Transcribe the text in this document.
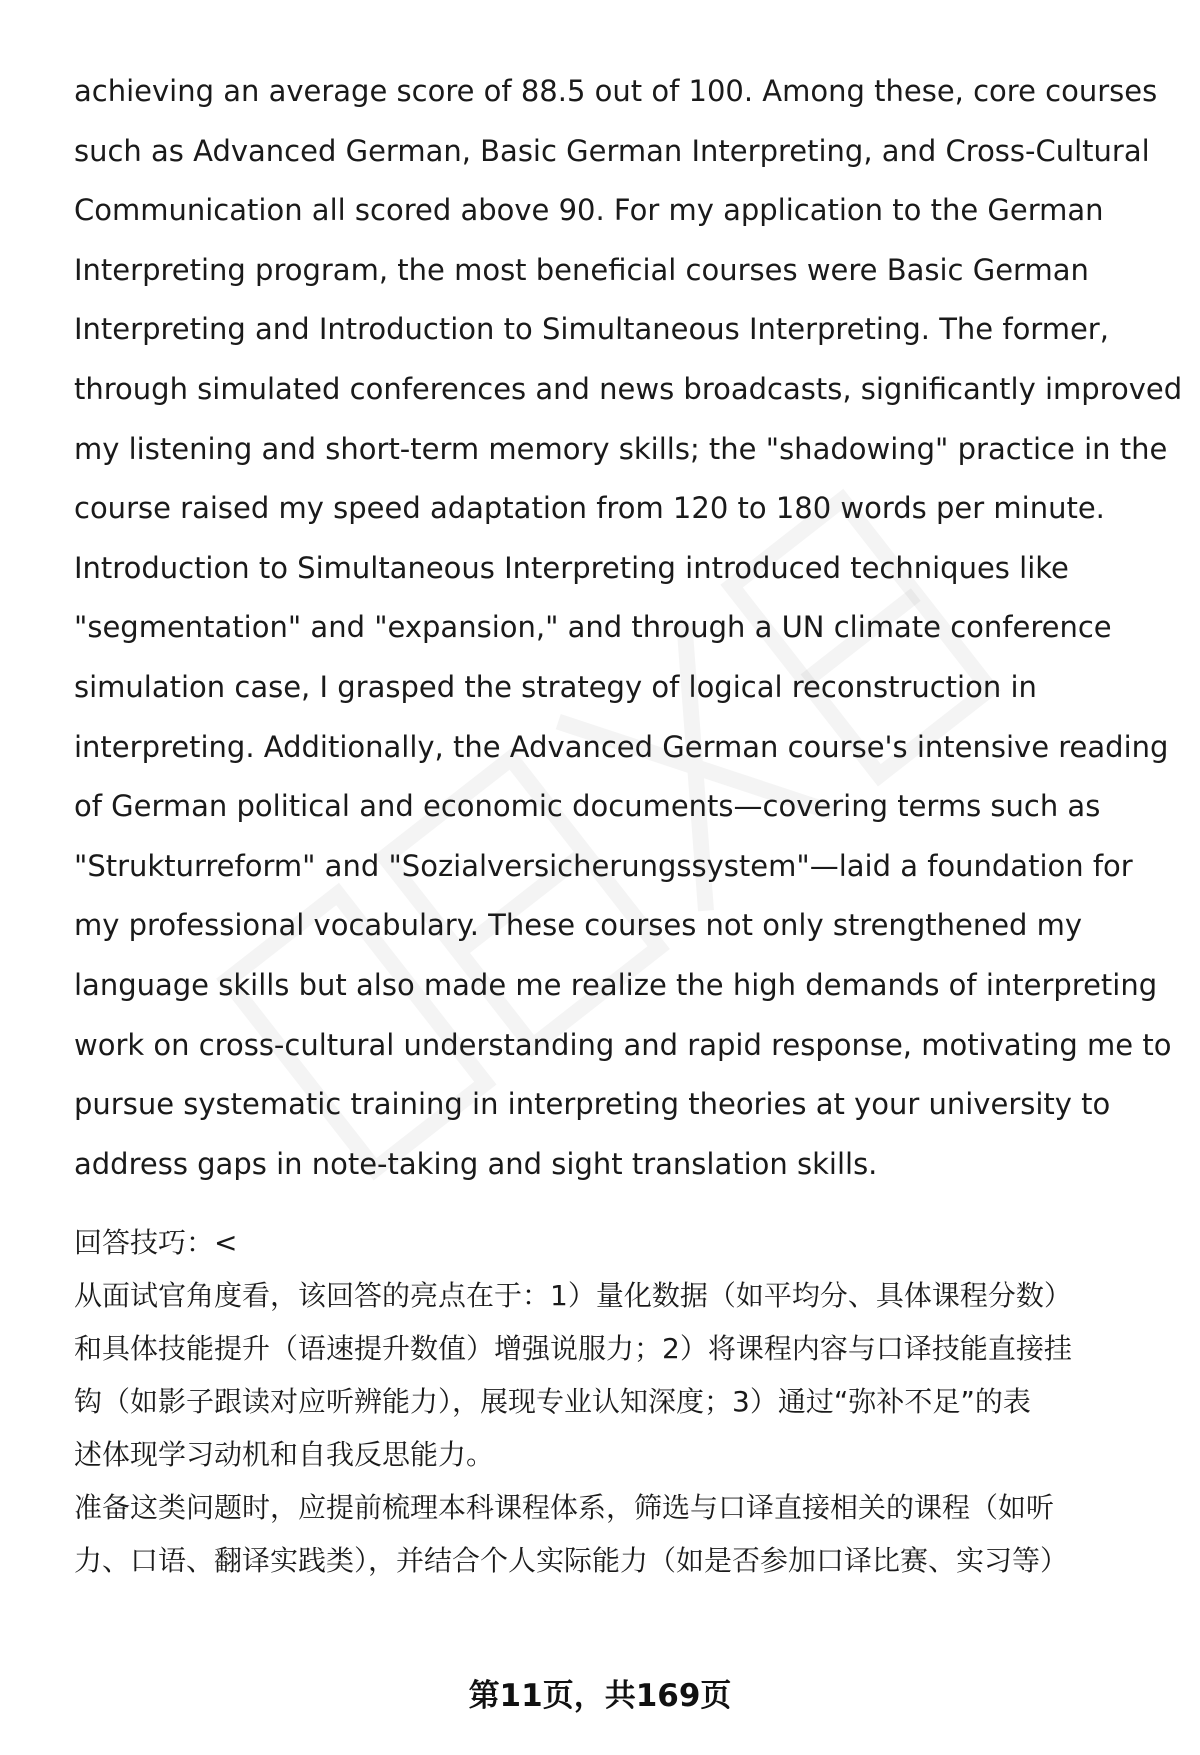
achieving an average score of 88.5 out of 100. Among these, core courses
such as Advanced German, Basic German Interpreting, and Cross-Cultural
Communication all scored above 90. For my application to the German
Interpreting program, the most beneficial courses were Basic German
Interpreting and Introduction to Simultaneous Interpreting. The former,
through simulated conferences and news broadcasts, significantly improved
my listening and short-term memory skills; the "shadowing" practice in the
course raised my speed adaptation from 120 to 180 words per minute.
Introduction to Simultaneous Interpreting introduced techniques like
"segmentation" and "expansion," and through a UN climate conference
simulation case, I grasped the strategy of logical reconstruction in
interpreting. Additionally, the Advanced German course's intensive reading
of German political and economic documents—covering terms such as
"Strukturreform" and "Sozialversicherungssystem"—laid a foundation for
my professional vocabulary. These courses not only strengthened my
language skills but also made me realize the high demands of interpreting
work on cross-cultural understanding and rapid response, motivating me to
pursue systematic training in interpreting theories at your university to
address gaps in note-taking and sight translation skills.

回答技巧：<

从面试官角度看，该回答的亮点在于：1）量化数据（如平均分、具体课程分数）
和具体技能提升（语速提升数值）增强说服力；2）将课程内容与口译技能直接挂
钩（如影子跟读对应听辨能力），展现专业认知深度；3）通过“弥补不足”的表
述体现学习动机和自我反思能力。
准备这类问题时，应提前梳理本科课程体系，筛选与口译直接相关的课程（如听
力、口语、翻译实践类），并结合个人实际能力（如是否参加口译比赛、实习等）

第11页，共169页
